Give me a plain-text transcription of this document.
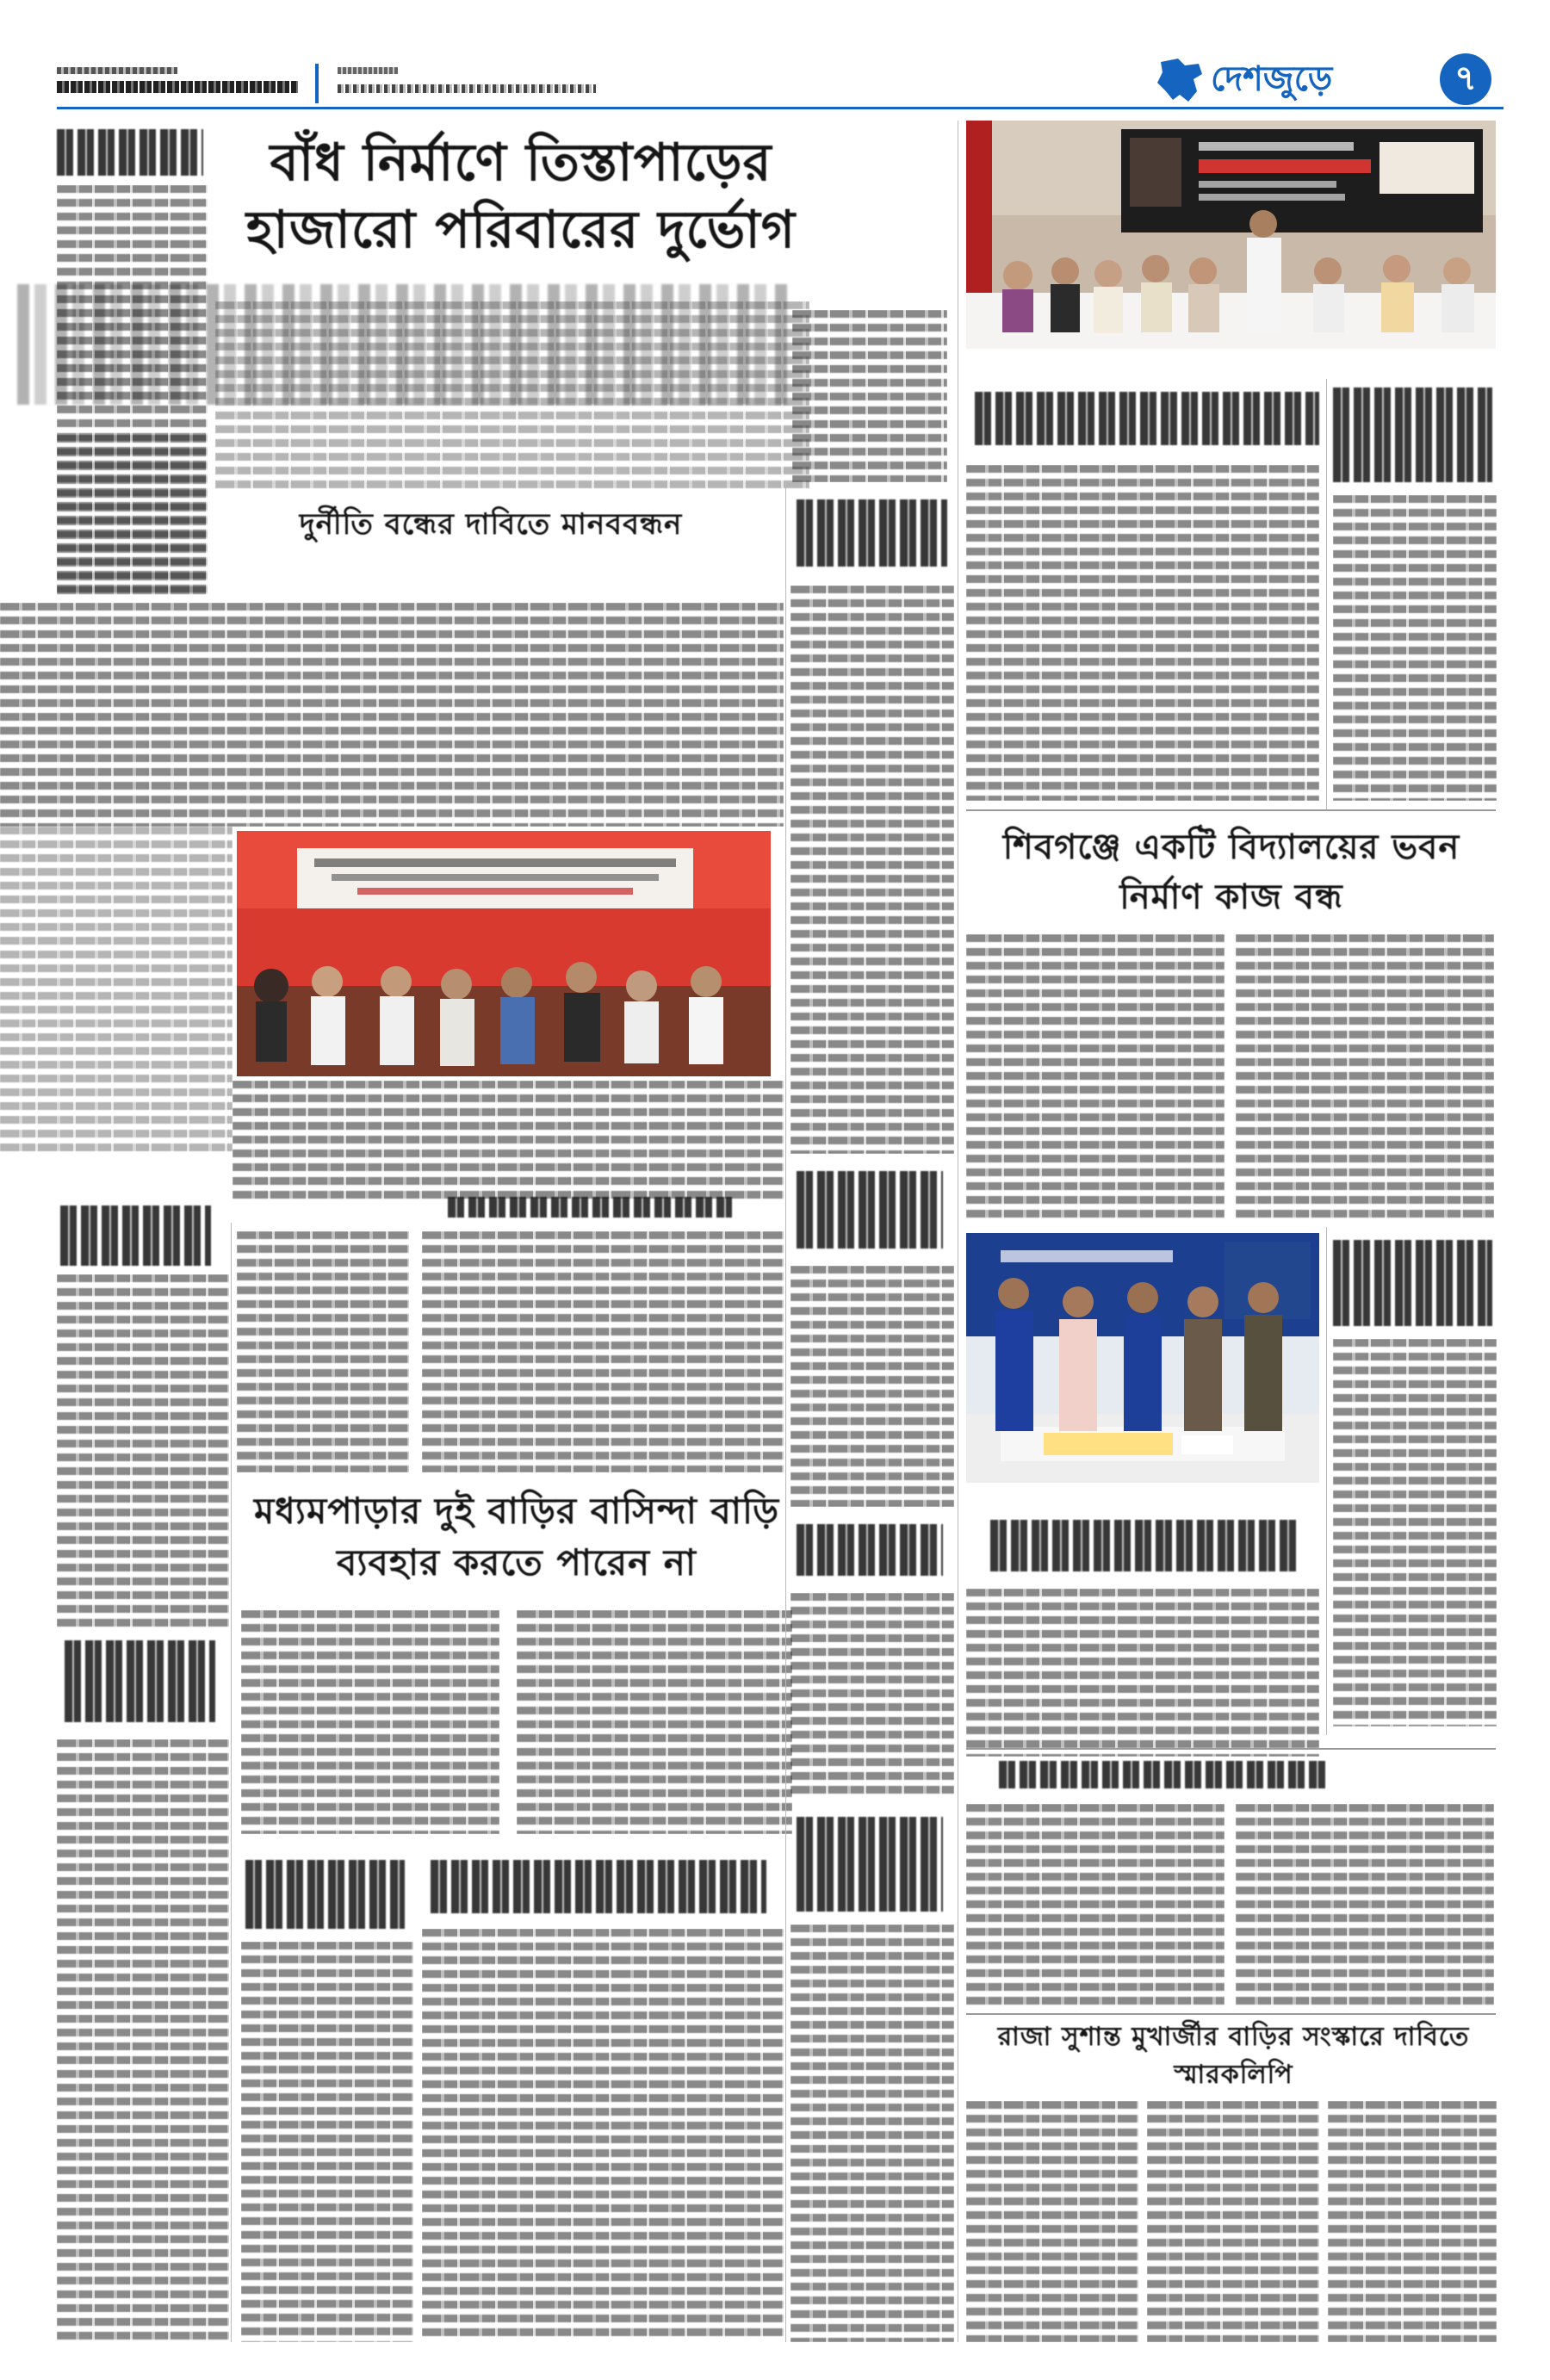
দেশজুড়ে	৭
বাঁধ নির্মাণে তিস্তাপাড়ের হাজারো পরিবারের দুর্ভোগ
দুর্নীতি বন্ধের দাবিতে মানববন্ধন
মধ্যমপাড়ার দুই বাড়ির বাসিন্দা বাড়ি ব্যবহার করতে পারেন না
শিবগঞ্জে একটি বিদ্যালয়ের ভবন নির্মাণ কাজ বন্ধ
রাজা সুশান্ত মুখার্জীর বাড়ির সংস্কারে দাবিতে স্মারকলিপি
